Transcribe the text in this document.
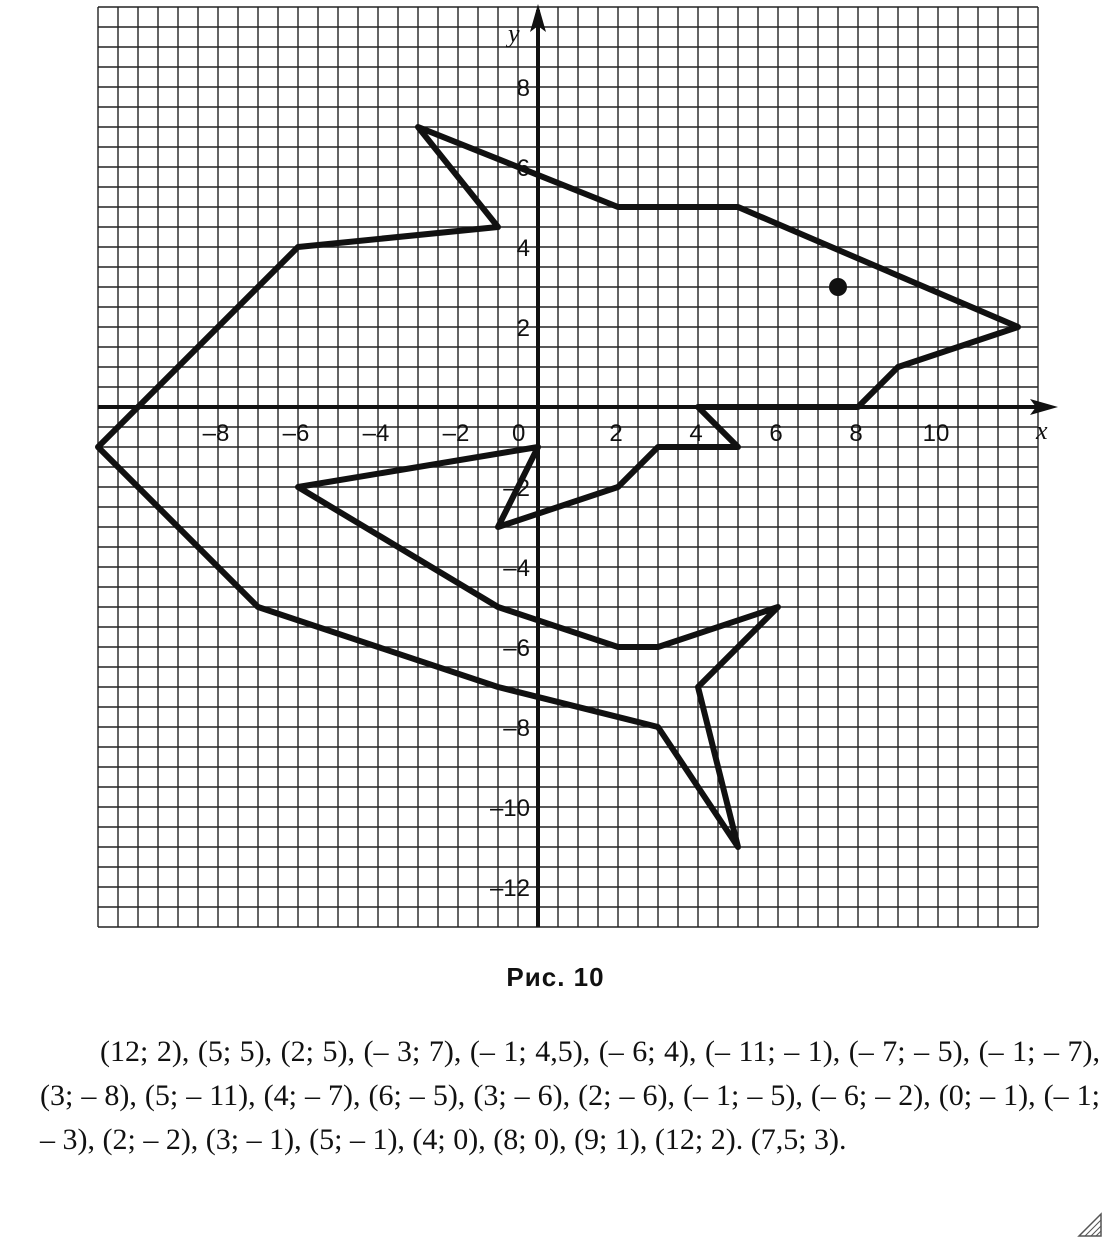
–8 –6 –4 –2	2	4	6	8 10
8
6
4
2
–2
–4
–6
–8
–10
–12
x
y
0
Рис. 10
(12; 2), (5; 5), (2; 5), (– 3; 7), (– 1; 4,5), (– 6; 4), (– 11; – 1), (– 7; – 5), (– 1; – 7), (3; – 8), (5; – 11), (4; – 7), (6; – 5), (3; – 6), (2; – 6), (– 1; – 5), (– 6; – 2), (0; – 1), (– 1; – 3), (2; – 2), (3; – 1), (5; – 1), (4; 0), (8; 0), (9; 1), (12; 2). (7,5; 3).
